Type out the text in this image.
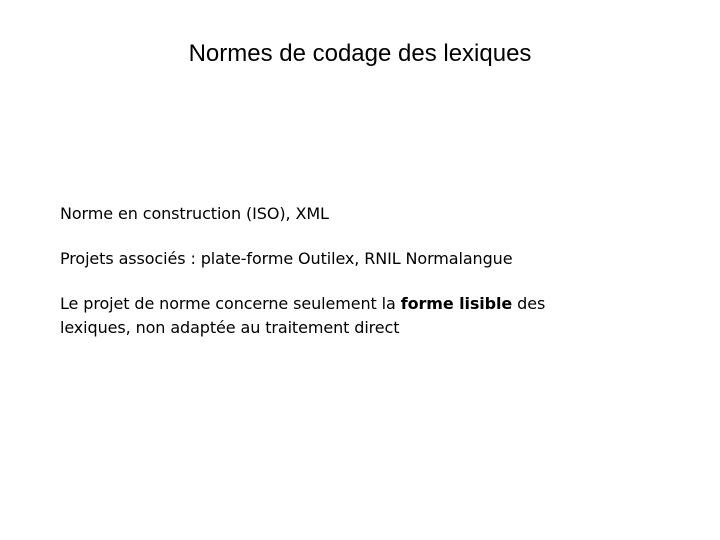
Normes de codage des lexiques

Norme en construction (ISO), XML

Projets associés : plate-forme Outilex, RNIL Normalangue

Le projet de norme concerne seulement la forme lisible des
lexiques, non adaptée au traitement direct
